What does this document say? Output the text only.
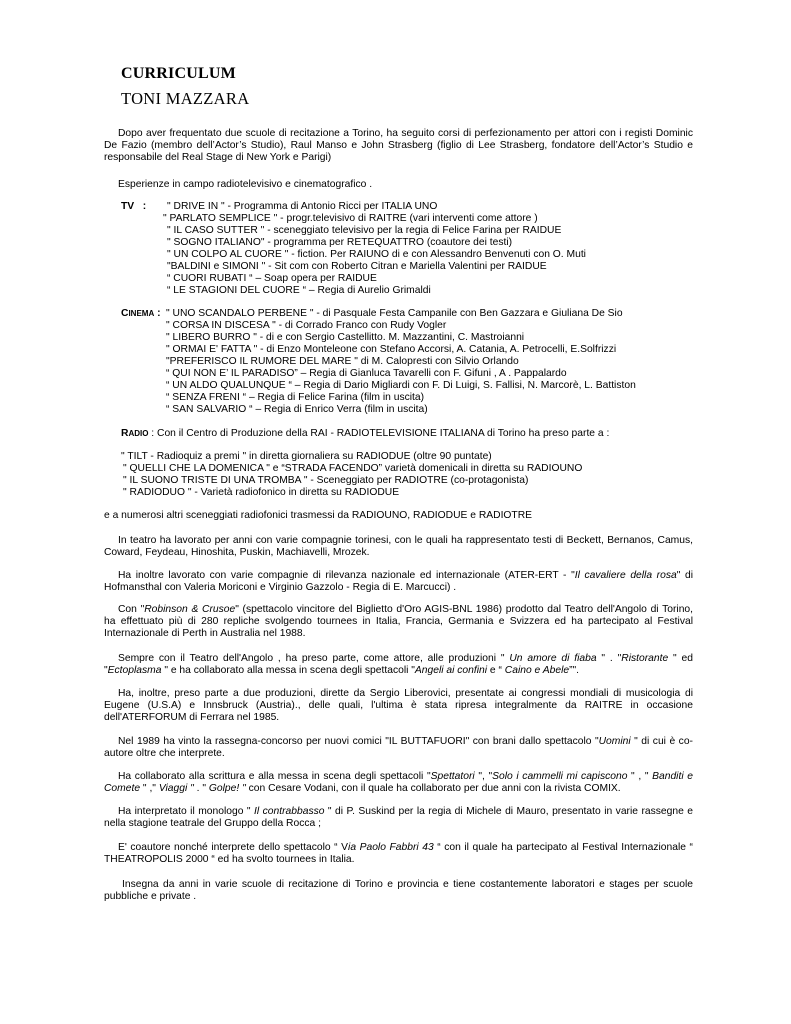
CURRICULUM
TONI MAZZARA
Dopo aver frequentato due scuole di recitazione a Torino, ha seguito corsi di perfezionamento per attori con i registi Dominic De Fazio (membro dell’Actor’s Studio), Raul Manso e John Strasberg (figlio di Lee Strasberg, fondatore dell’Actor’s Studio e responsabile del Real Stage di New York e Parigi)
Esperienze in campo radiotelevisivo e cinematografico .
TV : " DRIVE IN " - Programma di Antonio Ricci per ITALIA UNO
" PARLATO SEMPLICE " - progr.televisivo di RAITRE (vari interventi come attore )
" IL CASO SUTTER " - sceneggiato televisivo per la regia di Felice Farina per RAIDUE
" SOGNO ITALIANO" - programma per RETEQUATTRO (coautore dei testi)
" UN COLPO AL CUORE " - fiction. Per RAIUNO di e con Alessandro Benvenuti con O. Muti
"BALDINI e SIMONI " - Sit com con Roberto Citran e Mariella Valentini per RAIDUE
“ CUORI RUBATI “ – Soap opera per RAIDUE
“ LE STAGIONI DEL CUORE “ – Regia di Aurelio Grimaldi
CINEMA : " UNO SCANDALO PERBENE " - di Pasquale Festa Campanile con Ben Gazzara e Giuliana De Sio
" CORSA IN DISCESA " - di Corrado Franco con Rudy Vogler
" LIBERO BURRO " - di e con Sergio Castellitto. M. Mazzantini, C. Mastroianni
" ORMAI E' FATTA " - di Enzo Monteleone con Stefano Accorsi, A. Catania, A. Petrocelli, E.Solfrizzi
"PREFERISCO IL RUMORE DEL MARE " di M. Calopresti con Silvio Orlando
“ QUI NON E’ IL PARADISO” – Regia di Gianluca Tavarelli con F. Gifuni , A . Pappalardo
“ UN ALDO QUALUNQUE “ – Regia di Dario Migliardi con F. Di Luigi, S. Fallisi, N. Marcorè, L. Battiston
“ SENZA FRENI “ – Regia di Felice Farina (film in uscita)
“ SAN SALVARIO “ – Regia di Enrico Verra (film in uscita)
RADIO : Con il Centro di Produzione della RAI - RADIOTELEVISIONE ITALIANA di Torino ha preso parte a :
" TILT - Radioquiz a premi " in diretta giornaliera su RADIODUE (oltre 90 puntate)
" QUELLI CHE LA DOMENICA " e “STRADA FACENDO” varietà domenicali in diretta su RADIOUNO
" IL SUONO TRISTE DI UNA TROMBA " - Sceneggiato per RADIOTRE (co-protagonista)
" RADIODUO " - Varietà radiofonico in diretta su RADIODUE
e a numerosi altri sceneggiati radiofonici trasmessi da RADIOUNO, RADIODUE e RADIOTRE
In teatro ha lavorato per anni con varie compagnie torinesi, con le quali ha rappresentato testi di Beckett, Bernanos, Camus, Coward, Feydeau, Hinoshita, Puskin, Machiavelli, Mrozek.
Ha inoltre lavorato con varie compagnie di rilevanza nazionale ed internazionale (ATER-ERT - "Il cavaliere della rosa" di Hofmansthal con Valeria Moriconi e Virginio Gazzolo - Regia di E. Marcucci) .
Con "Robinson & Crusoe" (spettacolo vincitore del Biglietto d'Oro AGIS-BNL 1986) prodotto dal Teatro dell'Angolo di Torino, ha effettuato più di 280 repliche svolgendo tournees in Italia, Francia, Germania e Svizzera ed ha partecipato al Festival Internazionale di Perth in Australia nel 1988.
Sempre con il Teatro dell'Angolo , ha preso parte, come attore, alle produzioni " Un amore di fiaba " . "Ristorante " ed "Ectoplasma " e ha collaborato alla messa in scena degli spettacoli "Angeli ai confini e “ Caino e Abele”".
Ha, inoltre, preso parte a due produzioni, dirette da Sergio Liberovici, presentate ai congressi mondiali di musicologia di Eugene (U.S.A) e Innsbruck (Austria)., delle quali, l'ultima è stata ripresa integralmente da RAITRE in occasione dell'ATERFORUM di Ferrara nel 1985.
Nel 1989 ha vinto la rassegna-concorso per nuovi comici "IL BUTTAFUORI" con brani dallo spettacolo "Uomini " di cui è co-autore oltre che interprete.
Ha collaborato alla scrittura e alla messa in scena degli spettacoli "Spettatori ", "Solo i cammelli mi capiscono " , " Banditi e Comete " ," Viaggi " . " Golpe! " con Cesare Vodani, con il quale ha collaborato per due anni con la rivista COMIX.
Ha interpretato il monologo " Il contrabbasso " di P. Suskind per la regia di Michele di Mauro, presentato in varie rassegne e nella stagione teatrale del Gruppo della Rocca ;
E' coautore nonché interprete dello spettacolo “ Via Paolo Fabbri 43 “ con il quale ha partecipato al Festival Internazionale “ THEATROPOLIS 2000 “ ed ha svolto tournees in Italia.
Insegna da anni in varie scuole di recitazione di Torino e provincia e tiene costantemente laboratori e stages per scuole pubbliche e private .
